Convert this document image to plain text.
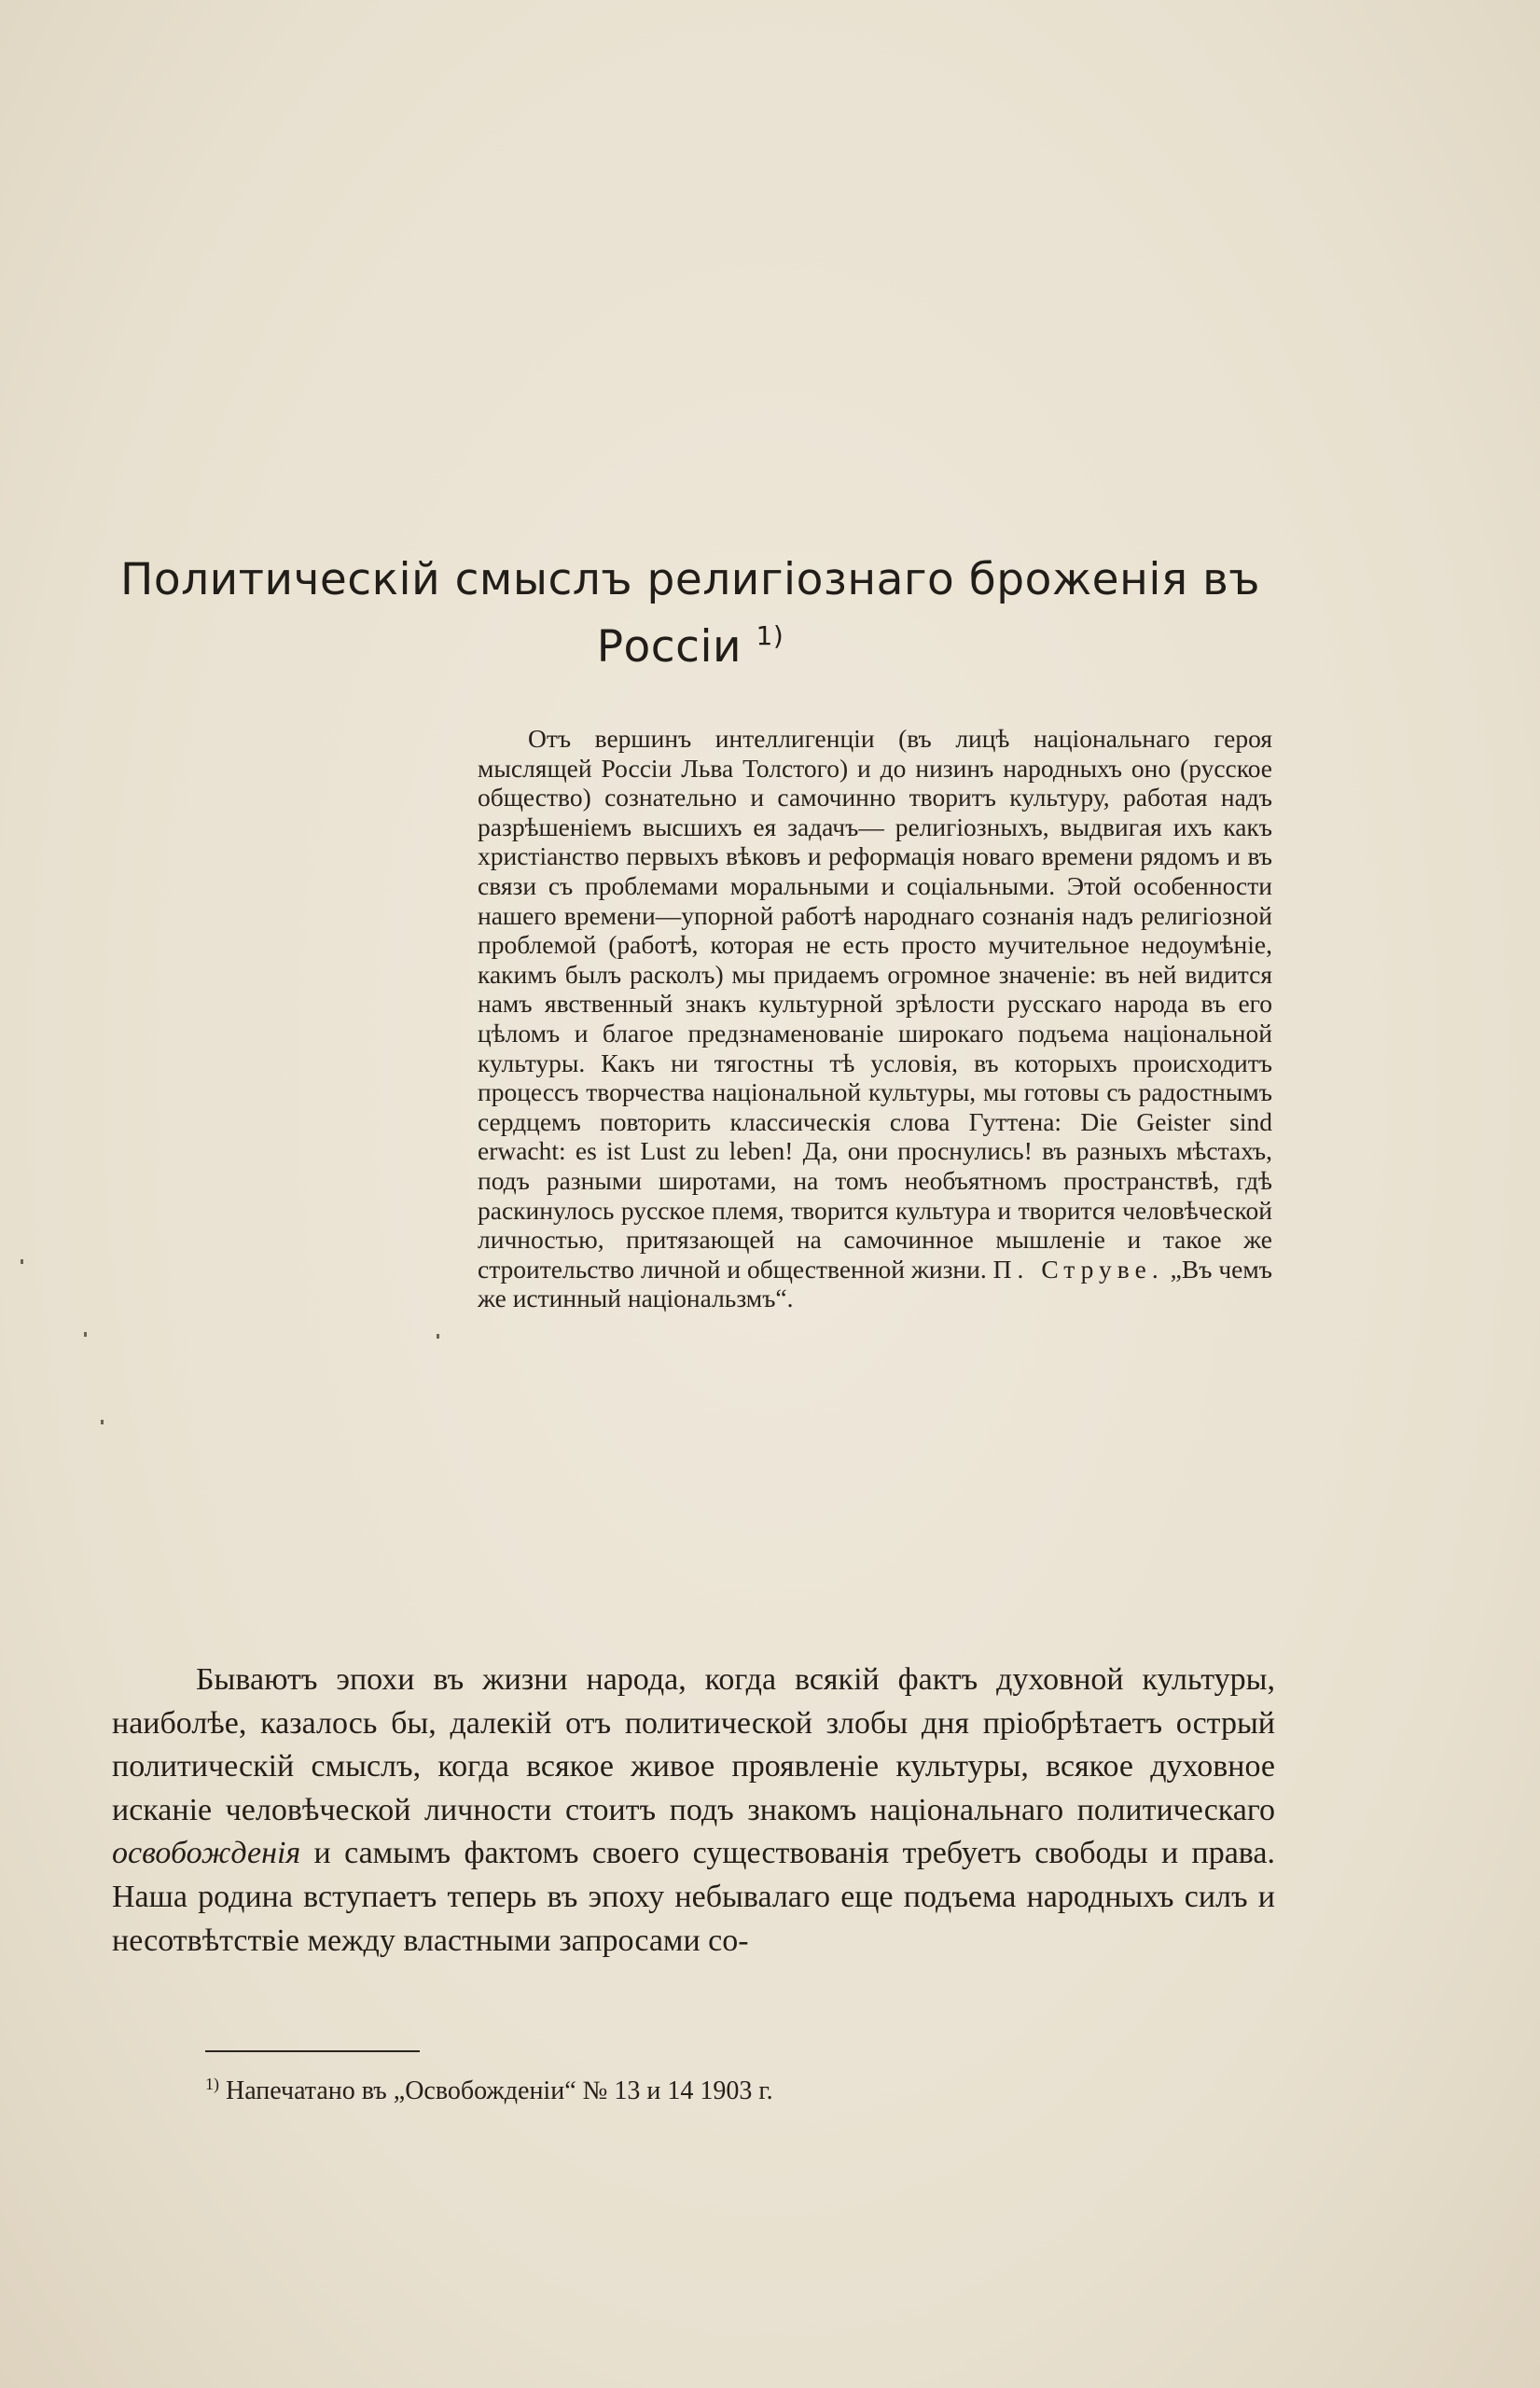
Политическій смыслъ религіознаго броженія въ
Россіи $^{1)}$

Отъ вершинъ интеллигенціи (въ лицѣ національнаго героя мыслящей Россіи Льва Толстого) и до низинъ народныхъ оно (русское общество) сознательно и самочинно творитъ культуру, работая надъ разрѣшеніемъ высшихъ ея задачъ— религіозныхъ, выдвигая ихъ какъ христіанство первыхъ вѣковъ и реформація новаго времени рядомъ и въ связи съ проблемами моральными и соціальными. Этой особенности нашего времени—упорной работѣ народнаго сознанія надъ религіозной проблемой (работѣ, которая не есть просто мучительное недоумѣніе, какимъ былъ расколъ) мы придаемъ огромное значеніе: въ ней видится намъ явственный знакъ культурной зрѣлости русскаго народа въ его цѣломъ и благое предзнаменованіе широкаго подъема національной культуры. Какъ ни тягостны тѣ условія, въ которыхъ происходитъ процессъ творчества національной культуры, мы готовы съ радостнымъ сердцемъ повторить классическія слова Гуттена: Die Geister sind erwacht: es ist Lust zu leben! Да, они проснулись! въ разныхъ мѣстахъ, подъ разными широтами, на томъ необъятномъ пространствѣ, гдѣ раскинулось русское племя, творится культура и творится человѣческой личностью, притязающей на самочинное мышленіе и такое же строительство личной и общественной жизни. П. Струве. „Въ чемъ же истинный національзмъ“.

Бываютъ эпохи въ жизни народа, когда всякій фактъ духовной культуры, наиболѣе, казалось бы, далекій отъ политической злобы дня пріобрѣтаетъ острый политическій смыслъ, когда всякое живое проявленіе культуры, всякое духовное исканіе человѣческой личности стоитъ подъ знакомъ національнаго политическаго освобожденія и самымъ фактомъ своего существованія требуетъ свободы и права. Наша родина вступаетъ теперь въ эпоху небывалаго еще подъема народныхъ силъ и несотвѣтствіе между властными запросами со-

$^{1)}$ Напечатано въ „Освобожденіи“ № 13 и 14 1903 г.
